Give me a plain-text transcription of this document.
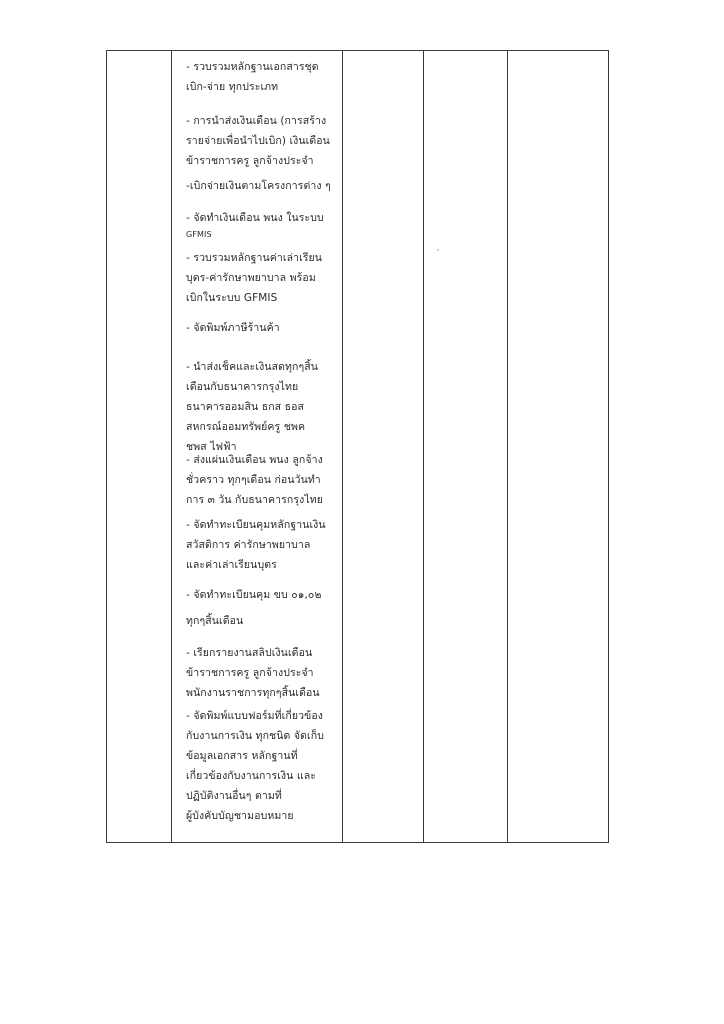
- รวบรวมหลักฐานเอกสารชุด
เบิก-จ่าย ทุกประเภท
- การนำส่งเงินเดือน (การสร้าง
รายจ่ายเพื่อนำไปเบิก) เงินเดือน
ข้าราชการครู ลูกจ้างประจำ
-เบิกจ่ายเงินตามโครงการต่าง ๆ
- จัดทำเงินเดือน พนง ในระบบ
GFMIS
- รวบรวมหลักฐานค่าเล่าเรียน
บุตร-ค่ารักษาพยาบาล พร้อม
เบิกในระบบ GFMIS
- จัดพิมพ์ภาษีร้านค้า
- นำส่งเช็คและเงินสดทุกๆสิ้น
เดือนกับธนาคารกรุงไทย
ธนาคารออมสิน ธกส ธอส
สหกรณ์ออมทรัพย์ครู ชพค
ชพส ไฟฟ้า
- ส่งแผ่นเงินเดือน พนง ลูกจ้าง
ชั่วคราว ทุกๆเดือน ก่อนวันทำ
การ ๓ วัน กับธนาคารกรุงไทย
- จัดทำทะเบียนคุมหลักฐานเงิน
สวัสดิการ ค่ารักษาพยาบาล
และค่าเล่าเรียนบุตร
- จัดทำทะเบียนคุม ขบ ๐๑,๐๒
ทุกๆสิ้นเดือน
- เรียกรายงานสลิปเงินเดือน
ข้าราชการครู ลูกจ้างประจำ
พนักงานราชการทุกๆสิ้นเดือน
- จัดพิมพ์แบบฟอร์มที่เกี่ยวข้อง
กับงานการเงิน ทุกชนิด จัดเก็บ
ข้อมูลเอกสาร หลักฐานที่
เกี่ยวข้องกับงานการเงิน และ
ปฏิบัติงานอื่นๆ ตามที่
ผู้บังคับบัญชามอบหมาย
